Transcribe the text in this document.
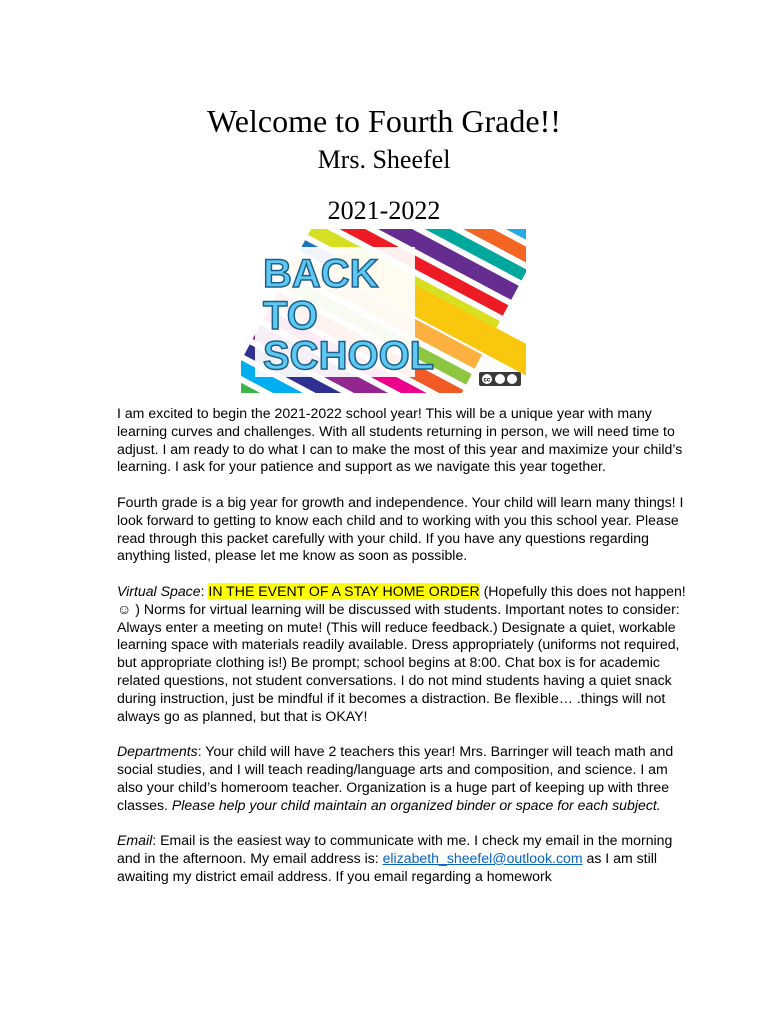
Welcome to Fourth Grade!!
Mrs. Sheefel
2021-2022
BACK
TO
SCHOOL
cc

I am excited to begin the 2021-2022 school year! This will be a unique year with many learning curves and challenges. With all students returning in person, we will need time to adjust. I am ready to do what I can to make the most of this year and maximize your child’s learning. I ask for your patience and support as we navigate this year together.

Fourth grade is a big year for growth and independence. Your child will learn many things! I look forward to getting to know each child and to working with you this school year. Please read through this packet carefully with your child. If you have any questions regarding anything listed, please let me know as soon as possible.

Virtual Space: IN THE EVENT OF A STAY HOME ORDER (Hopefully this does not happen! ☺ ) Norms for virtual learning will be discussed with students. Important notes to consider: Always enter a meeting on mute! (This will reduce feedback.) Designate a quiet, workable learning space with materials readily available. Dress appropriately (uniforms not required, but appropriate clothing is!) Be prompt; school begins at 8:00. Chat box is for academic related questions, not student conversations. I do not mind students having a quiet snack during instruction, just be mindful if it becomes a distraction. Be flexible… .things will not always go as planned, but that is OKAY!

Departments: Your child will have 2 teachers this year! Mrs. Barringer will teach math and social studies, and I will teach reading/language arts and composition, and science. I am also your child’s homeroom teacher. Organization is a huge part of keeping up with three classes. Please help your child maintain an organized binder or space for each subject.

Email: Email is the easiest way to communicate with me. I check my email in the morning and in the afternoon. My email address is: elizabeth_sheefel@outlook.com as I am still awaiting my district email address. If you email regarding a homework
